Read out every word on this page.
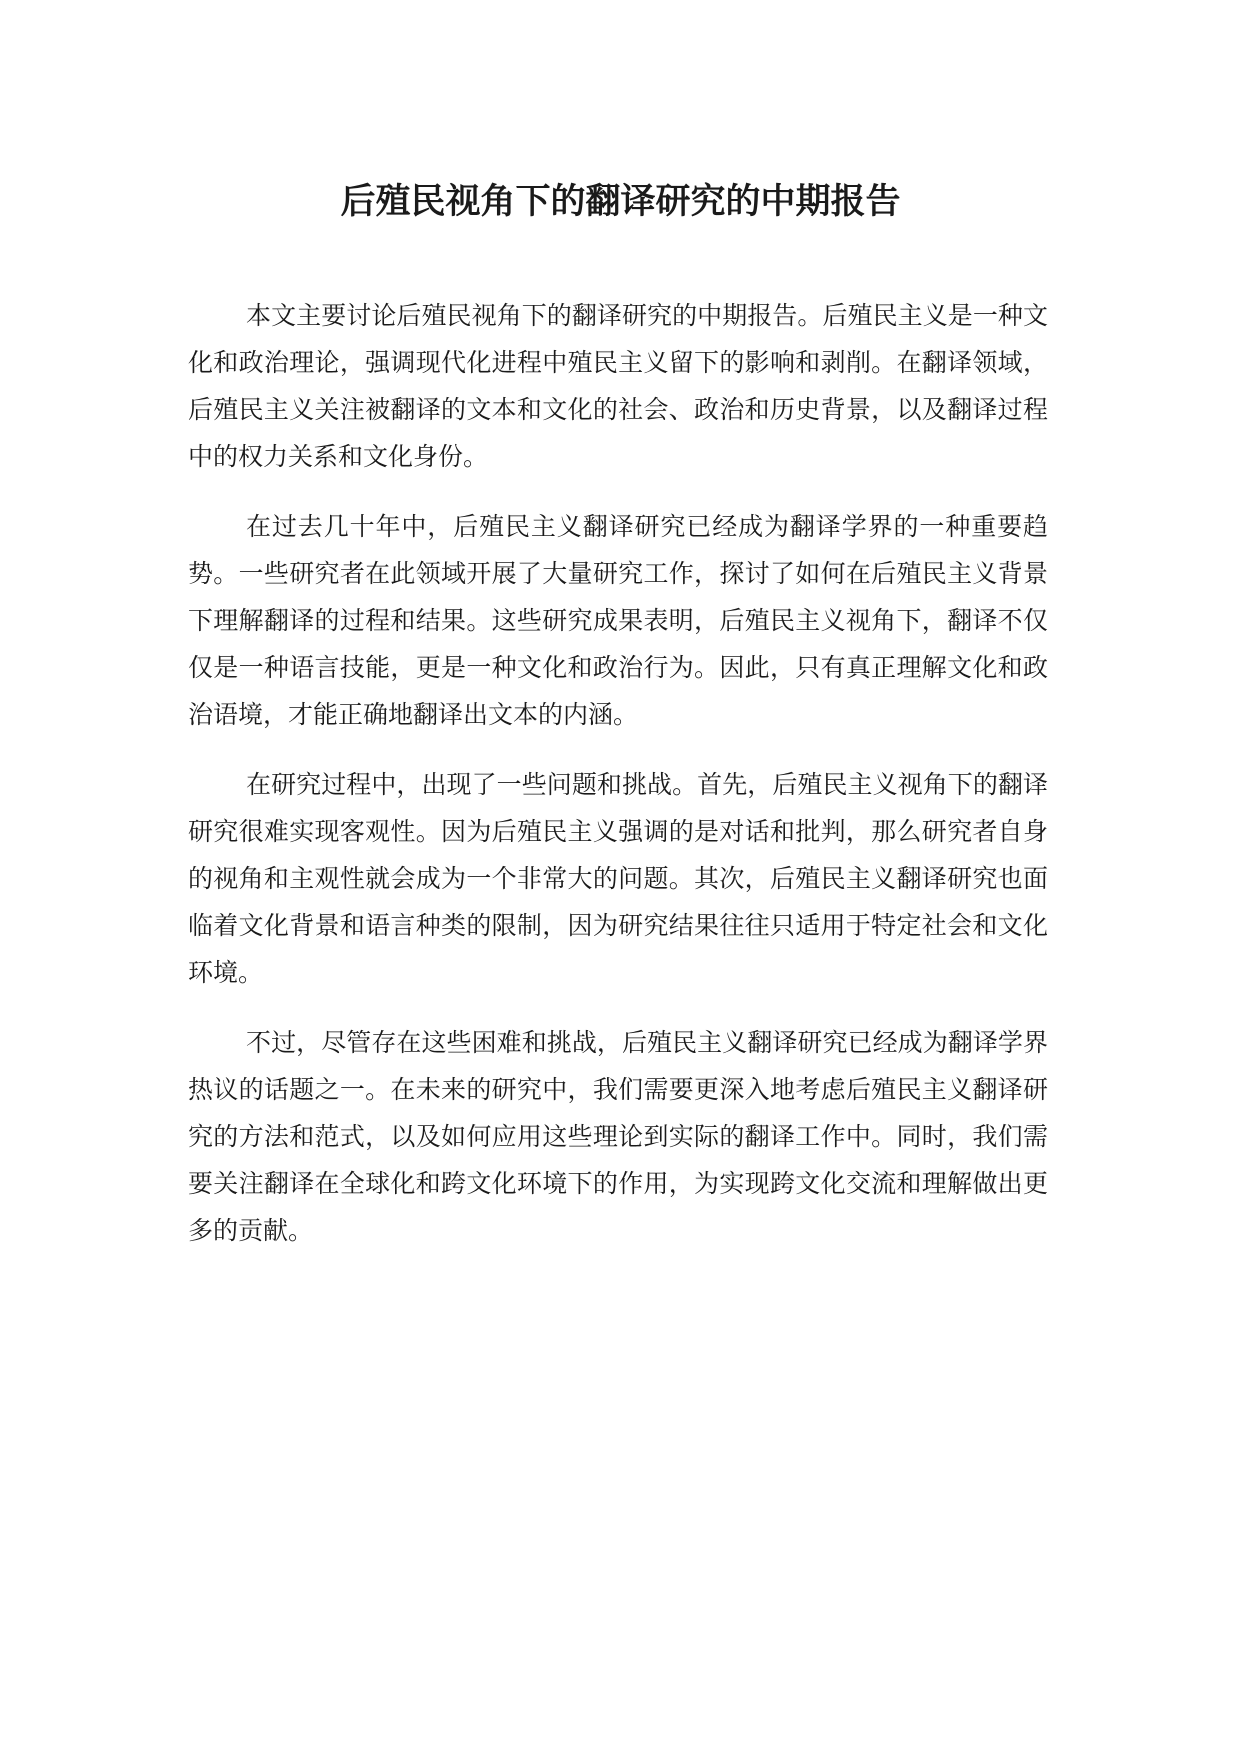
后殖民视角下的翻译研究的中期报告

本文主要讨论后殖民视角下的翻译研究的中期报告。后殖民主义是一种文化和政治理论，强调现代化进程中殖民主义留下的影响和剥削。在翻译领域，后殖民主义关注被翻译的文本和文化的社会、政治和历史背景，以及翻译过程中的权力关系和文化身份。

在过去几十年中，后殖民主义翻译研究已经成为翻译学界的一种重要趋势。一些研究者在此领域开展了大量研究工作，探讨了如何在后殖民主义背景下理解翻译的过程和结果。这些研究成果表明，后殖民主义视角下，翻译不仅仅是一种语言技能，更是一种文化和政治行为。因此，只有真正理解文化和政治语境，才能正确地翻译出文本的内涵。

在研究过程中，出现了一些问题和挑战。首先，后殖民主义视角下的翻译研究很难实现客观性。因为后殖民主义强调的是对话和批判，那么研究者自身的视角和主观性就会成为一个非常大的问题。其次，后殖民主义翻译研究也面临着文化背景和语言种类的限制，因为研究结果往往只适用于特定社会和文化环境。

不过，尽管存在这些困难和挑战，后殖民主义翻译研究已经成为翻译学界热议的话题之一。在未来的研究中，我们需要更深入地考虑后殖民主义翻译研究的方法和范式，以及如何应用这些理论到实际的翻译工作中。同时，我们需要关注翻译在全球化和跨文化环境下的作用，为实现跨文化交流和理解做出更多的贡献。
